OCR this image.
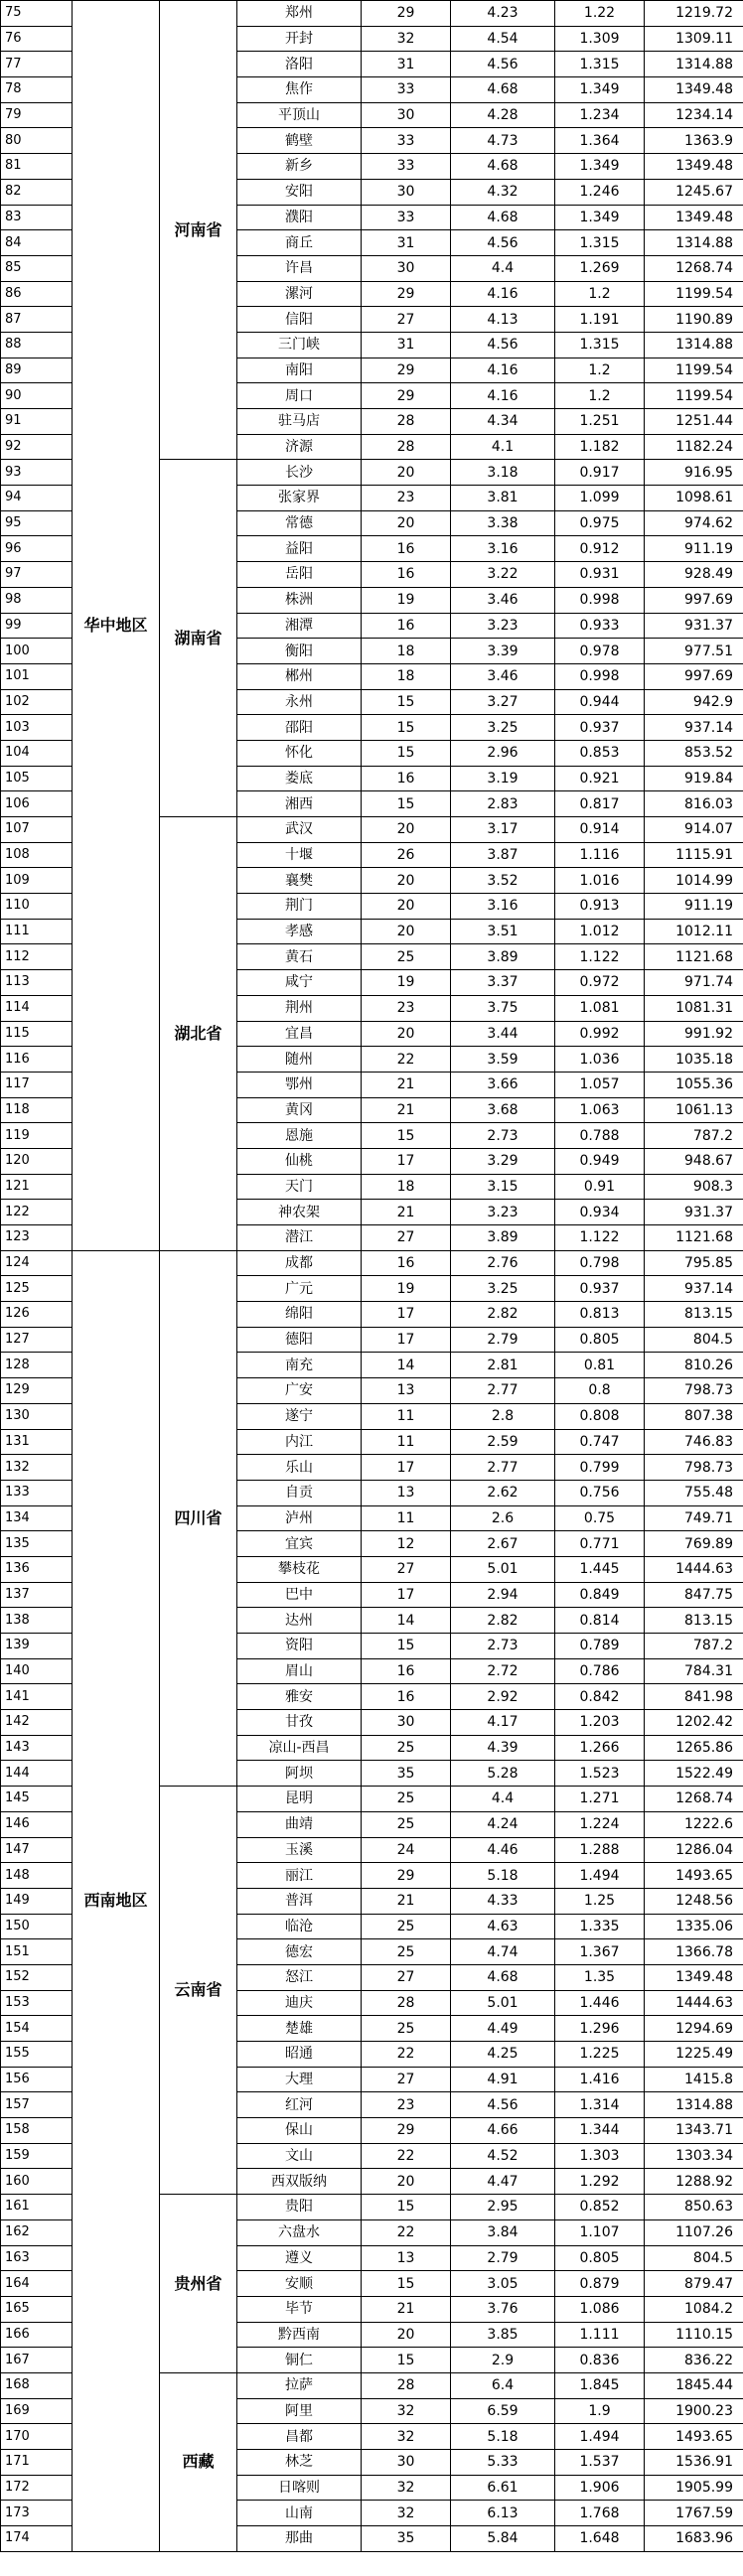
75	华中地区	河南省	郑州	29	4.23	1.22	1219.72
76			开封	32	4.54	1.309	1309.11
77			洛阳	31	4.56	1.315	1314.88
78			焦作	33	4.68	1.349	1349.48
79			平顶山	30	4.28	1.234	1234.14
80			鹤壁	33	4.73	1.364	1363.9
81			新乡	33	4.68	1.349	1349.48
82			安阳	30	4.32	1.246	1245.67
83			濮阳	33	4.68	1.349	1349.48
84			商丘	31	4.56	1.315	1314.88
85			许昌	30	4.4	1.269	1268.74
86			漯河	29	4.16	1.2	1199.54
87			信阳	27	4.13	1.191	1190.89
88			三门峡	31	4.56	1.315	1314.88
89			南阳	29	4.16	1.2	1199.54
90			周口	29	4.16	1.2	1199.54
91			驻马店	28	4.34	1.251	1251.44
92			济源	28	4.1	1.182	1182.24
93		湖南省	长沙	20	3.18	0.917	916.95
94			张家界	23	3.81	1.099	1098.61
95			常德	20	3.38	0.975	974.62
96			益阳	16	3.16	0.912	911.19
97			岳阳	16	3.22	0.931	928.49
98			株洲	19	3.46	0.998	997.69
99			湘潭	16	3.23	0.933	931.37
100			衡阳	18	3.39	0.978	977.51
101			郴州	18	3.46	0.998	997.69
102			永州	15	3.27	0.944	942.9
103			邵阳	15	3.25	0.937	937.14
104			怀化	15	2.96	0.853	853.52
105			娄底	16	3.19	0.921	919.84
106			湘西	15	2.83	0.817	816.03
107		湖北省	武汉	20	3.17	0.914	914.07
108			十堰	26	3.87	1.116	1115.91
109			襄樊	20	3.52	1.016	1014.99
110			荆门	20	3.16	0.913	911.19
111			孝感	20	3.51	1.012	1012.11
112			黄石	25	3.89	1.122	1121.68
113			咸宁	19	3.37	0.972	971.74
114			荆州	23	3.75	1.081	1081.31
115			宜昌	20	3.44	0.992	991.92
116			随州	22	3.59	1.036	1035.18
117			鄂州	21	3.66	1.057	1055.36
118			黄冈	21	3.68	1.063	1061.13
119			恩施	15	2.73	0.788	787.2
120			仙桃	17	3.29	0.949	948.67
121			天门	18	3.15	0.91	908.3
122			神农架	21	3.23	0.934	931.37
123			潜江	27	3.89	1.122	1121.68
124	西南地区	四川省	成都	16	2.76	0.798	795.85
125			广元	19	3.25	0.937	937.14
126			绵阳	17	2.82	0.813	813.15
127			德阳	17	2.79	0.805	804.5
128			南充	14	2.81	0.81	810.26
129			广安	13	2.77	0.8	798.73
130			遂宁	11	2.8	0.808	807.38
131			内江	11	2.59	0.747	746.83
132			乐山	17	2.77	0.799	798.73
133			自贡	13	2.62	0.756	755.48
134			泸州	11	2.6	0.75	749.71
135			宜宾	12	2.67	0.771	769.89
136			攀枝花	27	5.01	1.445	1444.63
137			巴中	17	2.94	0.849	847.75
138			达州	14	2.82	0.814	813.15
139			资阳	15	2.73	0.789	787.2
140			眉山	16	2.72	0.786	784.31
141			雅安	16	2.92	0.842	841.98
142			甘孜	30	4.17	1.203	1202.42
143			凉山-西昌	25	4.39	1.266	1265.86
144			阿坝	35	5.28	1.523	1522.49
145		云南省	昆明	25	4.4	1.271	1268.74
146			曲靖	25	4.24	1.224	1222.6
147			玉溪	24	4.46	1.288	1286.04
148			丽江	29	5.18	1.494	1493.65
149			普洱	21	4.33	1.25	1248.56
150			临沧	25	4.63	1.335	1335.06
151			德宏	25	4.74	1.367	1366.78
152			怒江	27	4.68	1.35	1349.48
153			迪庆	28	5.01	1.446	1444.63
154			楚雄	25	4.49	1.296	1294.69
155			昭通	22	4.25	1.225	1225.49
156			大理	27	4.91	1.416	1415.8
157			红河	23	4.56	1.314	1314.88
158			保山	29	4.66	1.344	1343.71
159			文山	22	4.52	1.303	1303.34
160			西双版纳	20	4.47	1.292	1288.92
161		贵州省	贵阳	15	2.95	0.852	850.63
162			六盘水	22	3.84	1.107	1107.26
163			遵义	13	2.79	0.805	804.5
164			安顺	15	3.05	0.879	879.47
165			毕节	21	3.76	1.086	1084.2
166			黔西南	20	3.85	1.111	1110.15
167			铜仁	15	2.9	0.836	836.22
168		西藏	拉萨	28	6.4	1.845	1845.44
169			阿里	32	6.59	1.9	1900.23
170			昌都	32	5.18	1.494	1493.65
171			林芝	30	5.33	1.537	1536.91
172			日喀则	32	6.61	1.906	1905.99
173			山南	32	6.13	1.768	1767.59
174			那曲	35	5.84	1.648	1683.96
